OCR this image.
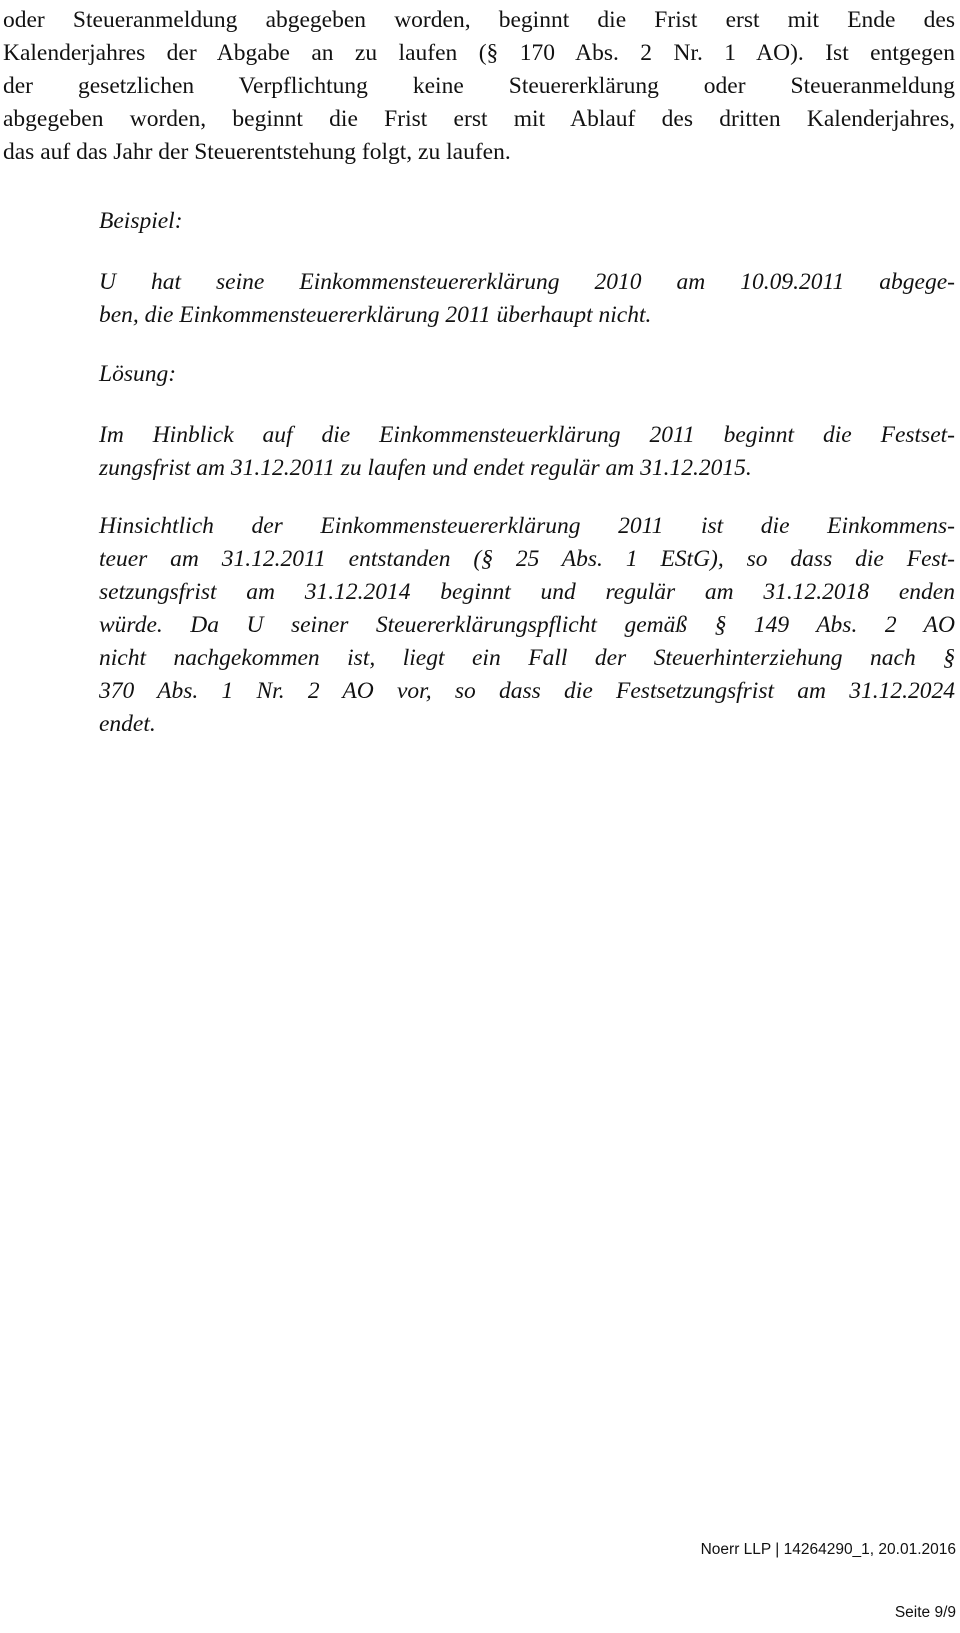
oder Steueranmeldung abgegeben worden, beginnt die Frist erst mit Ende des
Kalenderjahres der Abgabe an zu laufen (§ 170 Abs. 2 Nr. 1 AO). Ist entgegen
der gesetzlichen Verpflichtung keine Steuererklärung oder Steueranmeldung
abgegeben worden, beginnt die Frist erst mit Ablauf des dritten Kalenderjahres,
das auf das Jahr der Steuerentstehung folgt, zu laufen.

Beispiel:

U hat seine Einkommensteuererklärung 2010 am 10.09.2011 abgege-
ben, die Einkommensteuererklärung 2011 überhaupt nicht.

Lösung:

Im Hinblick auf die Einkommensteuerklärung 2011 beginnt die Festset-
zungsfrist am 31.12.2011 zu laufen und endet regulär am 31.12.2015.

Hinsichtlich der Einkommensteuererklärung 2011 ist die Einkommens-
teuer am 31.12.2011 entstanden (§ 25 Abs. 1 EStG), so dass die Fest-
setzungsfrist am 31.12.2014 beginnt und regulär am 31.12.2018 enden
würde. Da U seiner Steuererklärungspflicht gemäß § 149 Abs. 2 AO
nicht nachgekommen ist, liegt ein Fall der Steuerhinterziehung nach §
370 Abs. 1 Nr. 2 AO vor, so dass die Festsetzungsfrist am 31.12.2024
endet.

Noerr LLP | 14264290_1, 20.01.2016
Seite 9/9
